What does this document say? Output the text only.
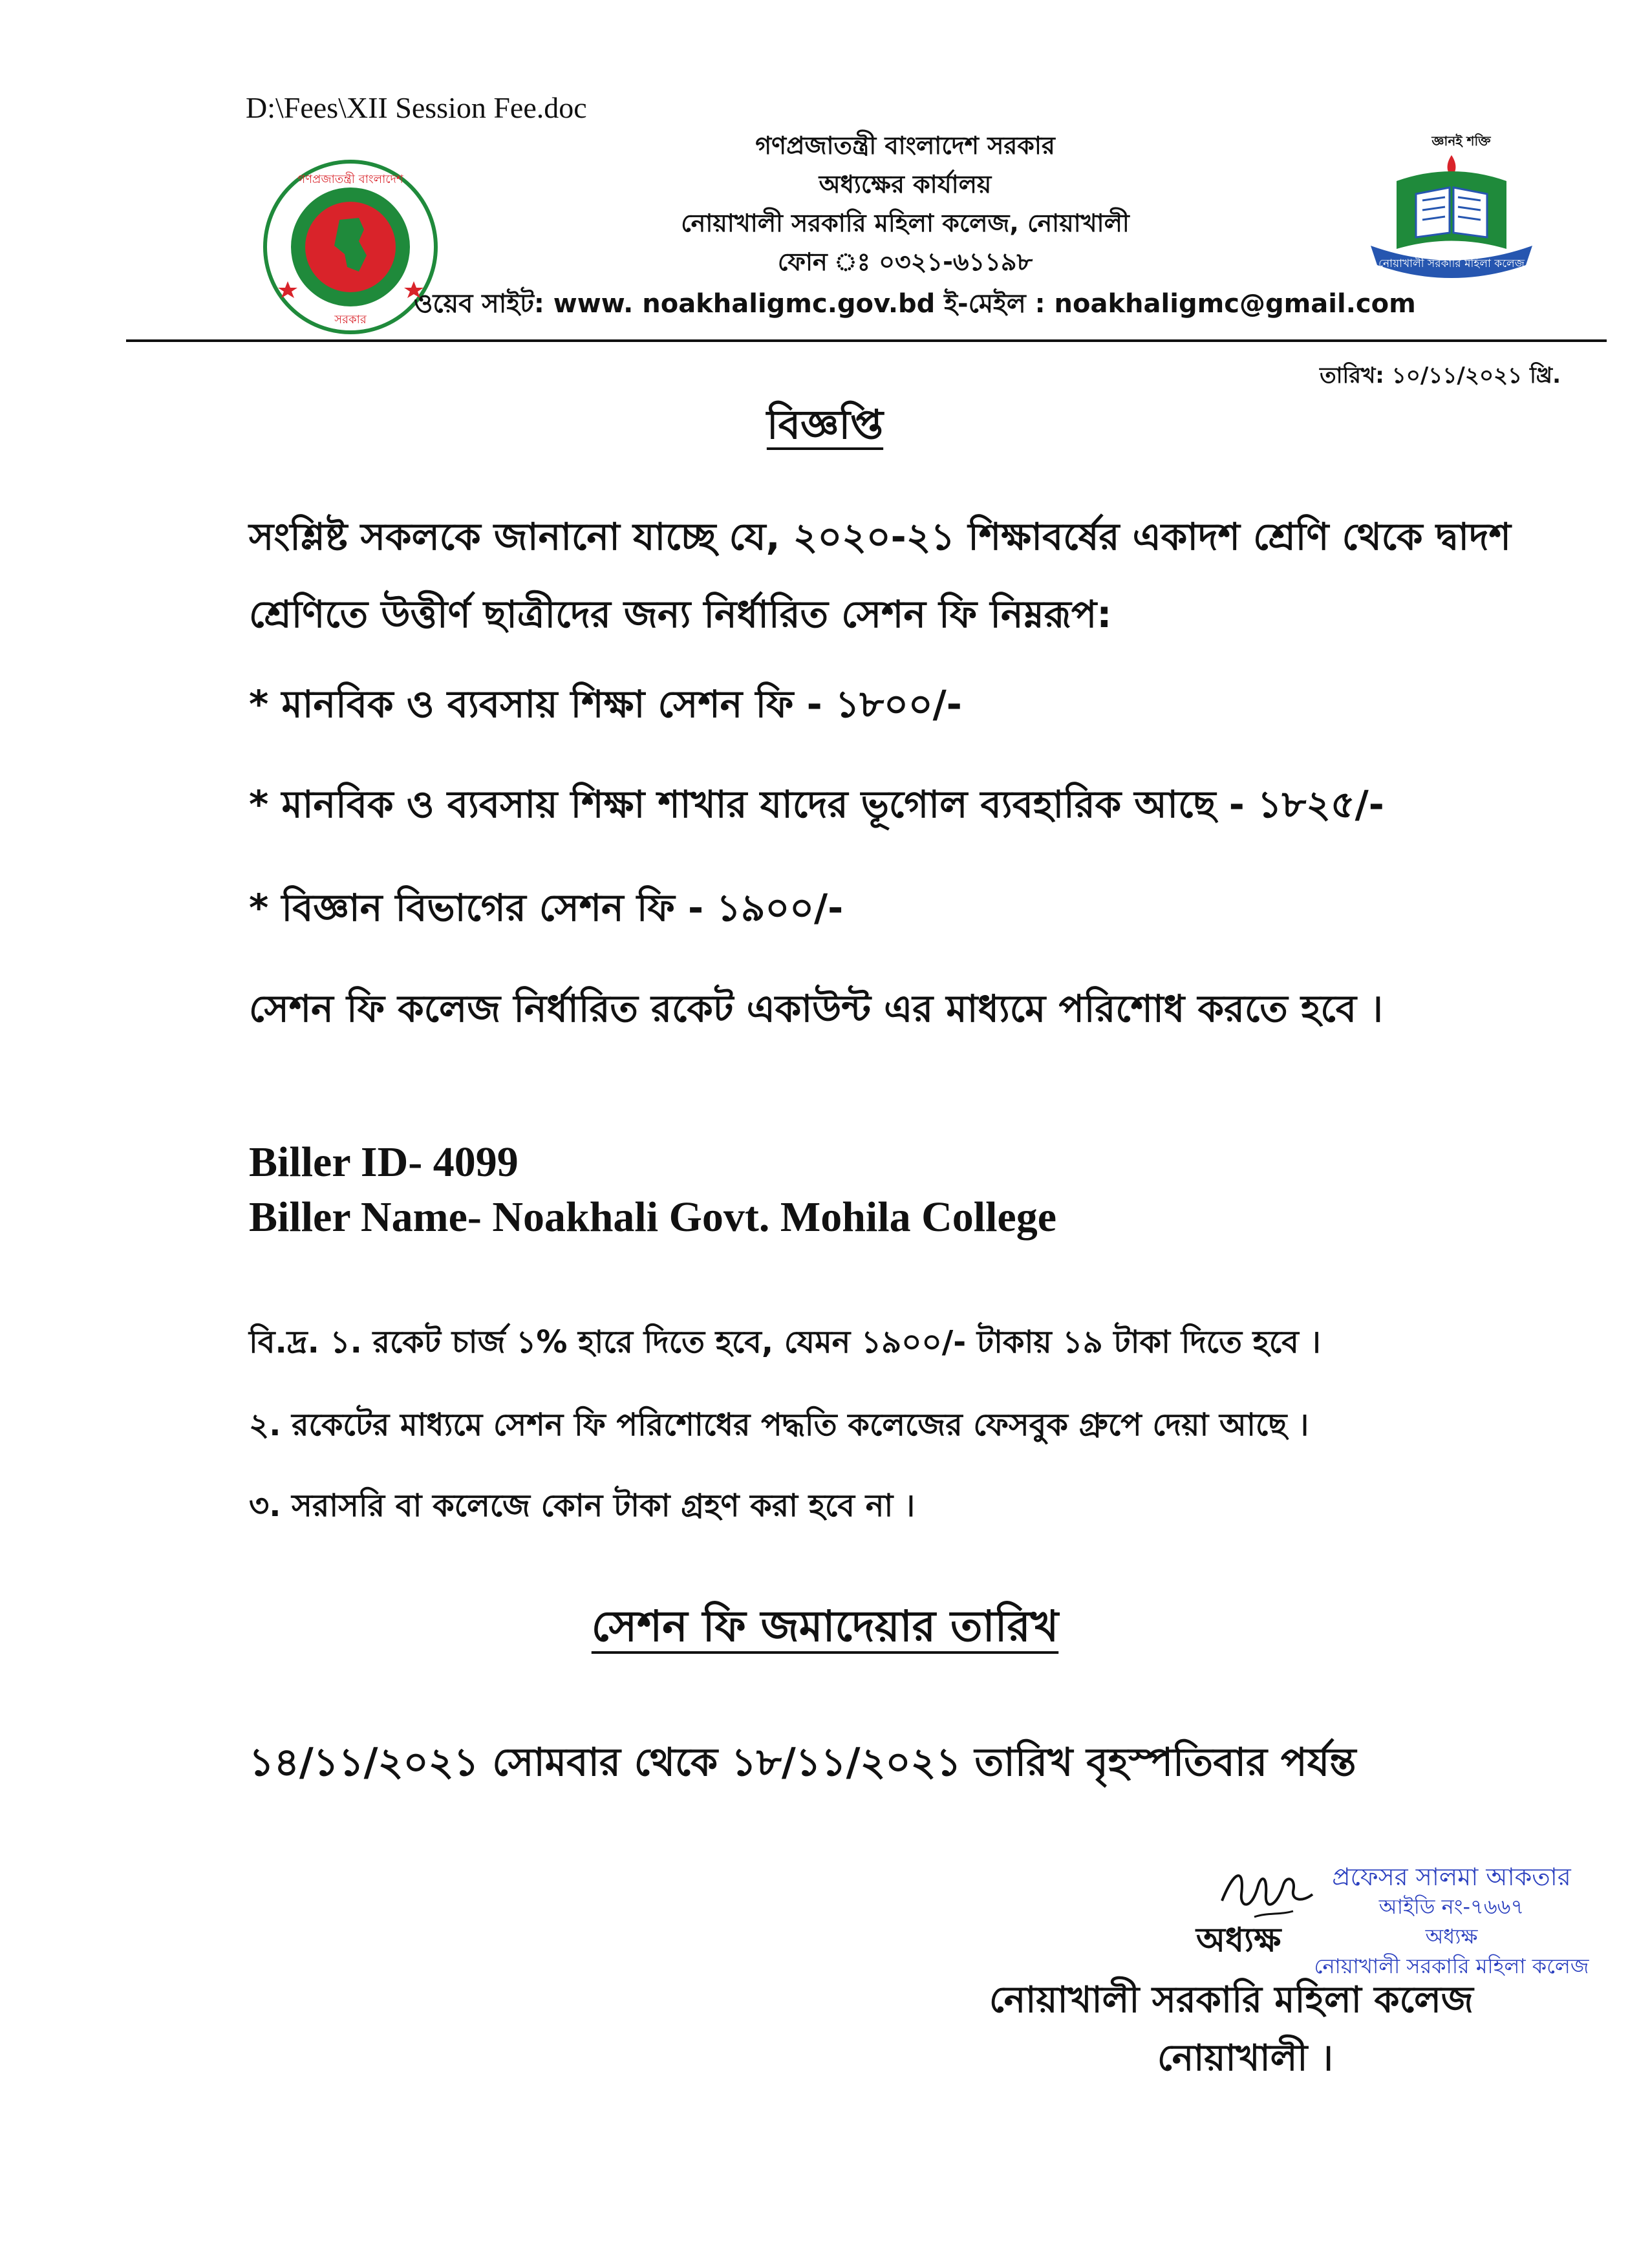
D:\Fees\XII Session Fee.doc
গণপ্রজাতন্ত্রী বাংলাদেশ
সরকার
গণপ্রজাতন্ত্রী বাংলাদেশ সরকার
অধ্যক্ষের কার্যালয়
নোয়াখালী সরকারি মহিলা কলেজ, নোয়াখালী
ফোন ঃ ০৩২১-৬১১৯৮
ওয়েব সাইট: www. noakhaligmc.gov.bd ই-মেইল : noakhaligmc@gmail.com
জ্ঞানই শক্তি
নোয়াখালী সরকারি মহিলা কলেজ
তারিখ: ১০/১১/২০২১ খ্রি.
বিজ্ঞপ্তি
সংশ্লিষ্ট সকলকে জানানো যাচ্ছে যে, ২০২০-২১ শিক্ষাবর্ষের একাদশ শ্রেণি থেকে দ্বাদশ শ্রেণিতে উত্তীর্ণ ছাত্রীদের জন্য নির্ধারিত সেশন ফি নিম্নরূপ:
* মানবিক ও ব্যবসায় শিক্ষা সেশন ফি - ১৮০০/-
* মানবিক ও ব্যবসায় শিক্ষা শাখার যাদের ভূগোল ব্যবহারিক আছে - ১৮২৫/-
* বিজ্ঞান বিভাগের সেশন ফি - ১৯০০/-
সেশন ফি কলেজ নির্ধারিত রকেট একাউন্ট এর মাধ্যমে পরিশোধ করতে হবে ।
Biller ID- 4099
Biller Name- Noakhali Govt. Mohila College
বি.দ্র. ১. রকেট চার্জ ১% হারে দিতে হবে, যেমন ১৯০০/- টাকায় ১৯ টাকা দিতে হবে ।
২. রকেটের মাধ্যমে সেশন ফি পরিশোধের পদ্ধতি কলেজের ফেসবুক গ্রুপে দেয়া আছে ।
৩. সরাসরি বা কলেজে কোন টাকা গ্রহণ করা হবে না ।
সেশন ফি জমাদেয়ার তারিখ
১৪/১১/২০২১ সোমবার থেকে ১৮/১১/২০২১ তারিখ বৃহস্পতিবার পর্যন্ত
প্রফেসর সালমা আকতার
আইডি নং-৭৬৬৭
অধ্যক্ষ
নোয়াখালী সরকারি মহিলা কলেজ
অধ্যক্ষ
নোয়াখালী সরকারি মহিলা কলেজ
নোয়াখালী ।
